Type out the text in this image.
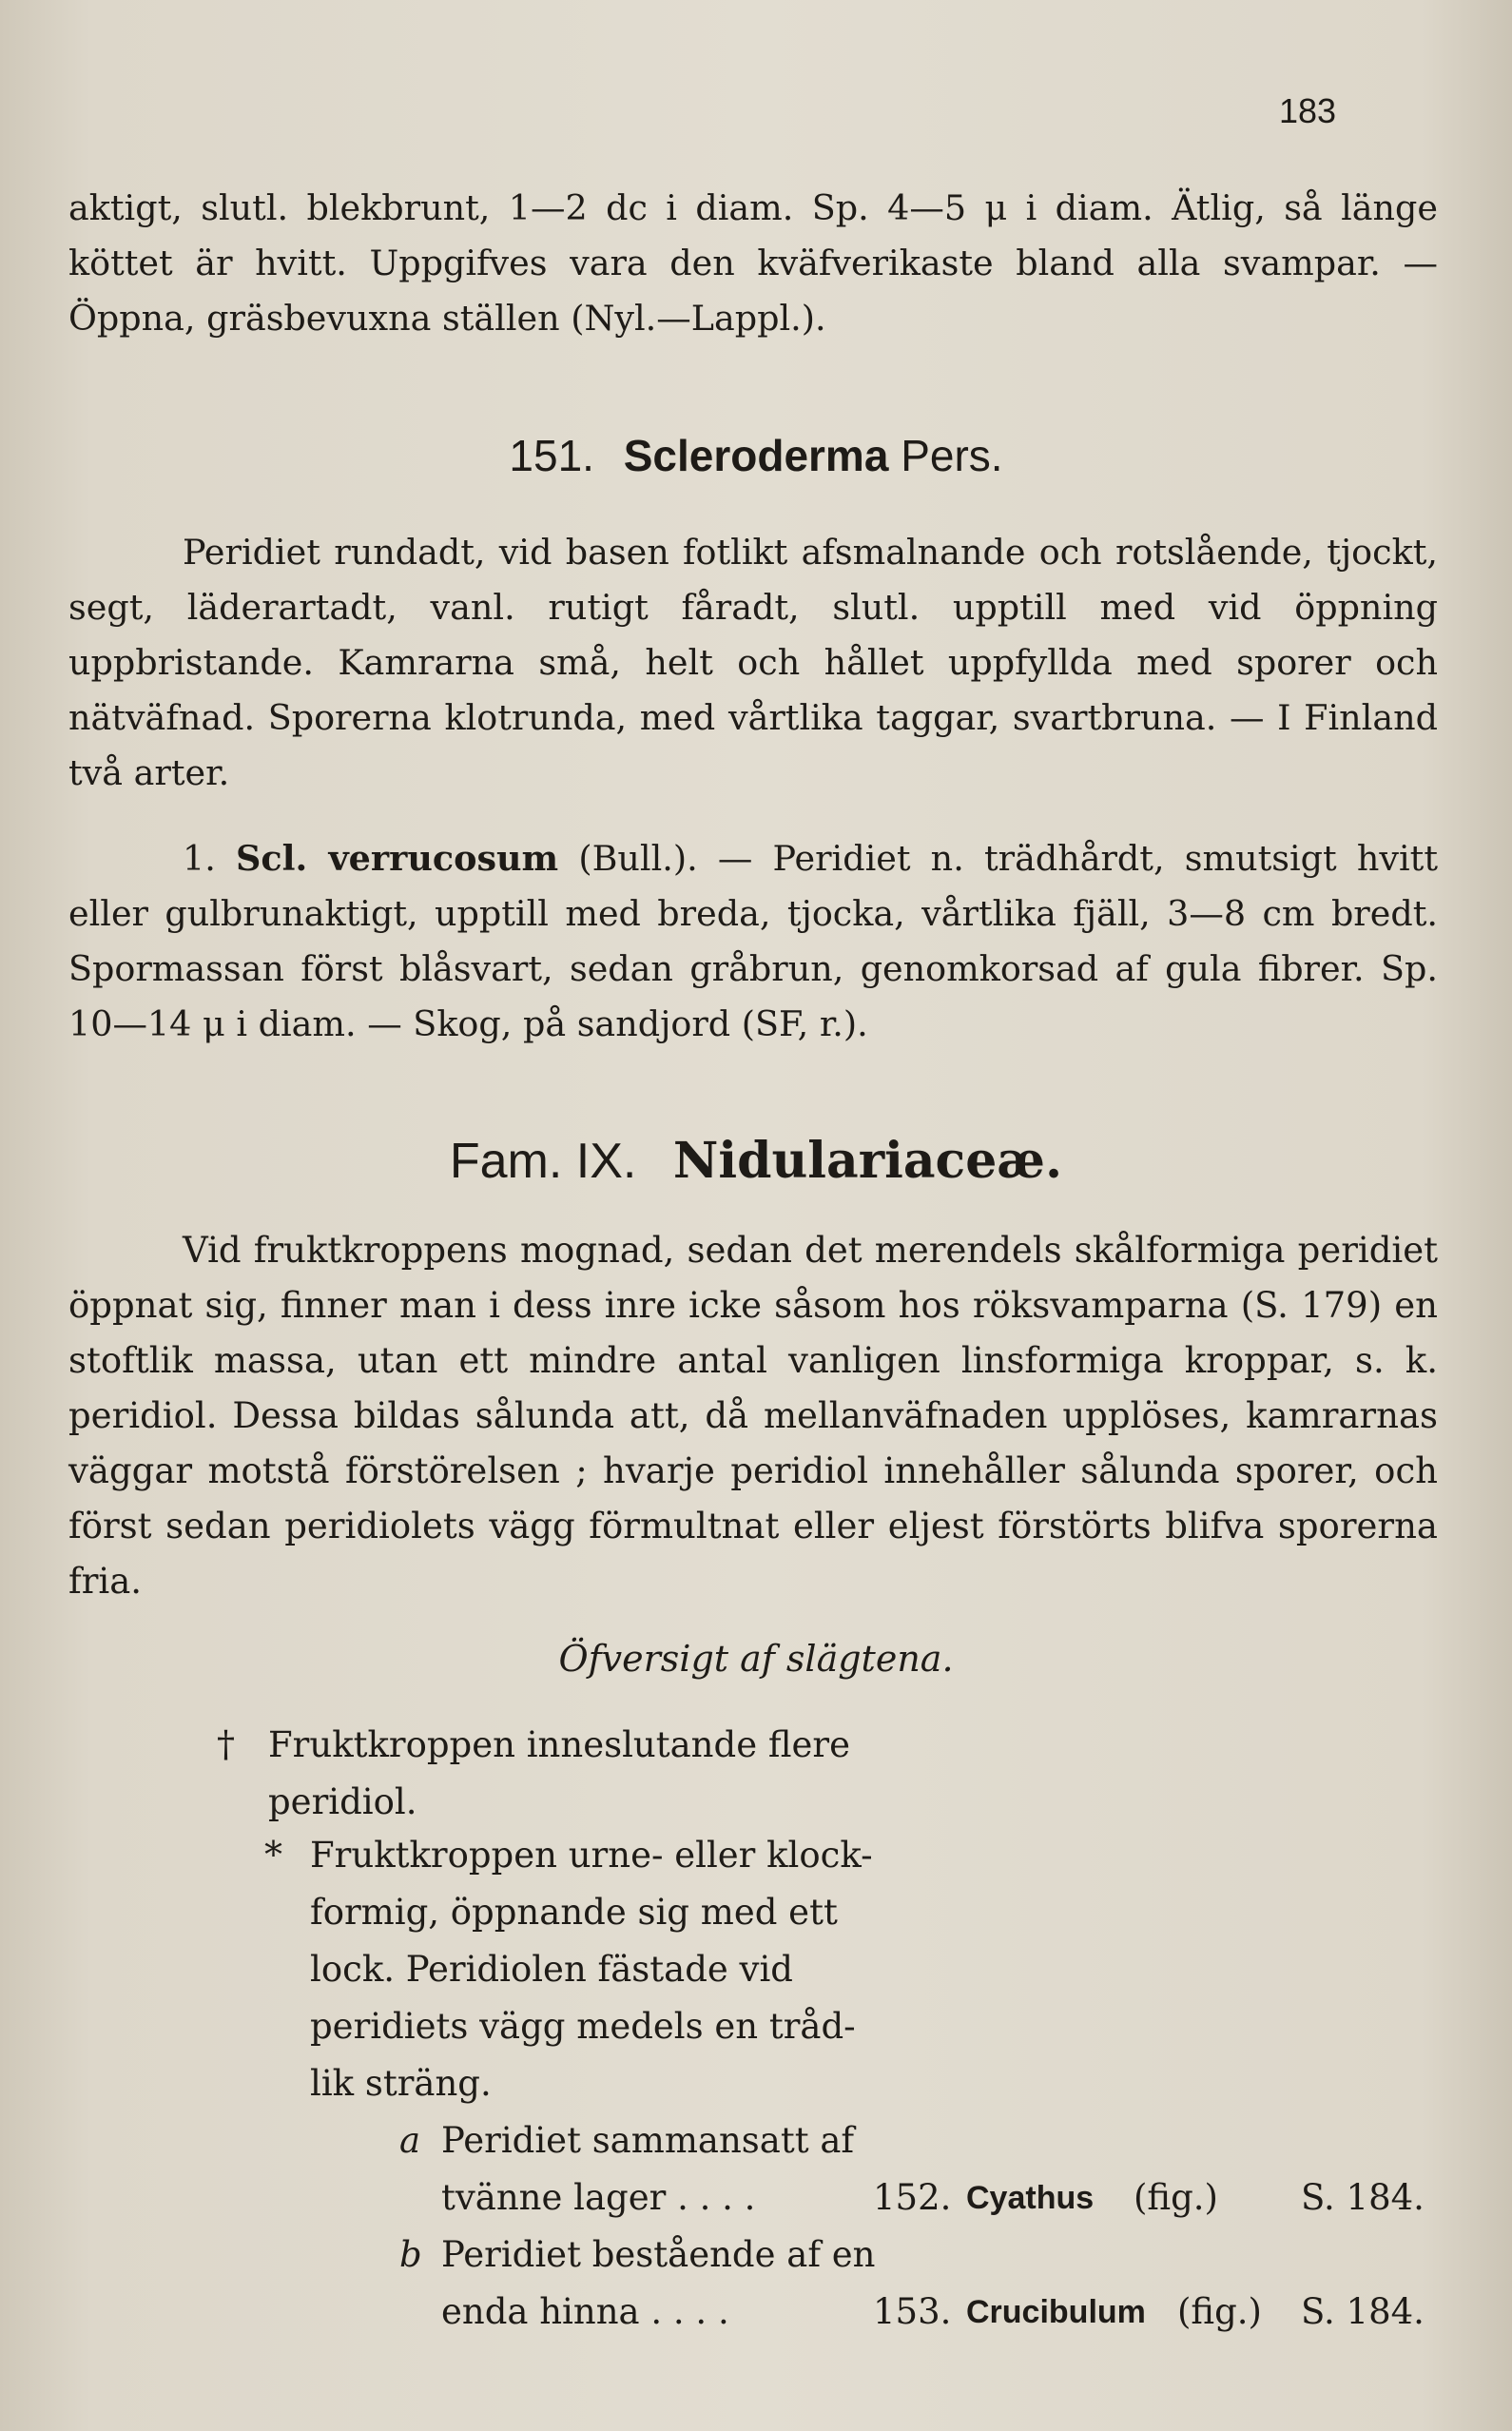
183

aktigt, slutl. blekbrunt, 1—2 dc i diam. Sp. 4—5 μ i diam. Ätlig, så länge köttet är hvitt. Uppgifves vara den kväfverikaste bland alla svampar. — Öppna, gräsbevuxna ställen (Nyl.—Lappl.).

151. Scleroderma Pers.

Peridiet rundadt, vid basen fotlikt afsmalnande och rotslående, tjockt, segt, läderartadt, vanl. rutigt fåradt, slutl. upptill med vid öppning uppbristande. Kamrarna små, helt och hållet uppfyllda med sporer och nätväfnad. Sporerna klotrunda, med vårtlika taggar, svartbruna. — I Finland två arter.

1. Scl. verrucosum (Bull.). — Peridiet n. trädhårdt, smutsigt hvitt eller gulbrunaktigt, upptill med breda, tjocka, vårtlika fjäll, 3—8 cm bredt. Spormassan först blåsvart, sedan gråbrun, genomkorsad af gula fibrer. Sp. 10—14 μ i diam. — Skog, på sandjord (SF, r.).

Fam. IX. Nidulariaceæ.

Vid fruktkroppens mognad, sedan det merendels skålformiga peridiet öppnat sig, finner man i dess inre icke såsom hos röksvamparna (S. 179) en stoftlik massa, utan ett mindre antal vanligen linsformiga kroppar, s. k. peridiol. Dessa bildas sålunda att, då mellanväfnaden upplöses, kamrarnas väggar motstå förstörelsen ; hvarje peridiol innehåller sålunda sporer, och först sedan peridiolets vägg förmultnat eller eljest förstörts blifva sporerna fria.

Öfversigt af slägtena.
† Fruktkroppen inneslutande flere
peridiol.
* Fruktkroppen urne- eller klock-
formig, öppnande sig med ett
lock. Peridiolen fästade vid
peridiets vägg medels en tråd-
lik sträng.
a Peridiet sammansatt af
tvänne lager . . . .	152. Cyathus (fig.) S. 184.
b Peridiet bestående af en
enda hinna . . . .	153. Crucibulum (fig.) S. 184.
